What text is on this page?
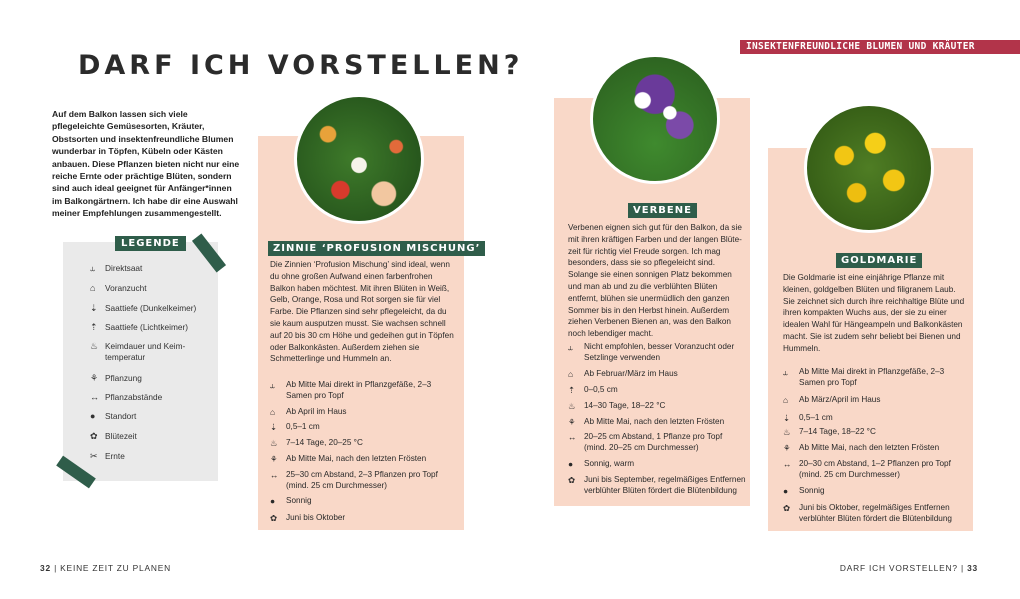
DARF ICH VORSTELLEN?
INSEKTENFREUNDLICHE BLUMEN UND KRÄUTER
Auf dem Balkon lassen sich viele pflegeleichte Gemüsesorten, Kräuter, Obstsorten und insektenfreundliche Blumen wunderbar in Töpfen, Kübeln oder Kästen anbauen. Diese Pflanzen bieten nicht nur eine reiche Ernte oder prächtige Blüten, sondern sind auch ideal geeignet für Anfänger*innen im Balkongärtnern. Ich habe dir eine Auswahl meiner Empfehlungen zusammengestellt.
LEGENDE
⥿	Direktsaat
⌂	Voranzucht
⇣ Saattiefe (Dunkelkeimer)
⇡ Saattiefe (Lichtkeimer)
♨ Keimdauer und Keimtemperatur
⚘ Pflanzung
↔ Pflanzabstände
●	Standort
✿ Blütezeit
✂ Ernte
ZINNIE ‘PROFUSION MISCHUNG’
Die Zinnien ‘Profusion Mischung’ sind ideal, wenn du ohne großen Aufwand einen farbenfrohen Balkon haben möchtest. Mit ihren Blüten in Weiß, Gelb, Orange, Rosa und Rot sorgen sie für viel Farbe. Die Pflanzen sind sehr pflegeleicht, da du sie kaum ausputzen musst. Sie wachsen schnell auf 20 bis 30 cm Höhe und gedeihen gut in Töpfen oder Balkonkästen. Außerdem ziehen sie Schmetterlinge und Hummeln an.
⥿	Ab Mitte Mai direkt in Pflanzgefäße, 2–3 Samen pro Topf
⌂	Ab April im Haus
⇣	0,5–1 cm
♨	7–14 Tage, 20–25 °C
⚘	Ab Mitte Mai, nach den letzten Frösten
↔ 25–30 cm Abstand, 2–3 Pflanzen pro Topf (mind. 25 cm Durchmesser)
●	Sonnig
✿	Juni bis Oktober
VERBENE
Verbenen eignen sich gut für den Balkon, da sie mit ihren kräftigen Farben und der langen Blütezeit für richtig viel Freude sorgen. Ich mag besonders, dass sie so pflegeleicht sind. Solange sie einen sonnigen Platz bekommen und man ab und zu die verblühten Blüten entfernt, blühen sie unermüdlich den ganzen Sommer bis in den Herbst hinein. Außerdem ziehen Verbenen Bienen an, was den Balkon noch lebendiger macht.
⥿	Nicht empfohlen, besser Voranzucht oder Setzlinge verwenden
⌂	Ab Februar/März im Haus
⇡	0–0,5 cm
♨	14–30 Tage, 18–22 °C
⚘	Ab Mitte Mai, nach den letzten Frösten
↔ 20–25 cm Abstand, 1 Pflanze pro Topf (mind. 20–25 cm Durchmesser)
●	Sonnig, warm
✿	Juni bis September, regelmäßiges Entfernen verblühter Blüten fördert die Blütenbildung
GOLDMARIE
Die Goldmarie ist eine einjährige Pflanze mit kleinen, goldgelben Blüten und filigranem Laub. Sie zeichnet sich durch ihre reichhaltige Blüte und ihren kompakten Wuchs aus, der sie zu einer idealen Wahl für Hängeampeln und Balkonkästen macht. Sie ist zudem sehr beliebt bei Bienen und Hummeln.
⥿	Ab Mitte Mai direkt in Pflanzgefäße, 2–3 Samen pro Topf
⌂	Ab März/April im Haus
⇣	0,5–1 cm
♨	7–14 Tage, 18–22 °C
⚘	Ab Mitte Mai, nach den letzten Frösten
↔ 20–30 cm Abstand, 1–2 Pflanzen pro Topf (mind. 25 cm Durchmesser)
●	Sonnig
✿	Juni bis Oktober, regelmäßiges Entfernen verblühter Blüten fördert die Blütenbildung
32 | KEINE ZEIT ZU PLANEN	DARF ICH VORSTELLEN? | 33
